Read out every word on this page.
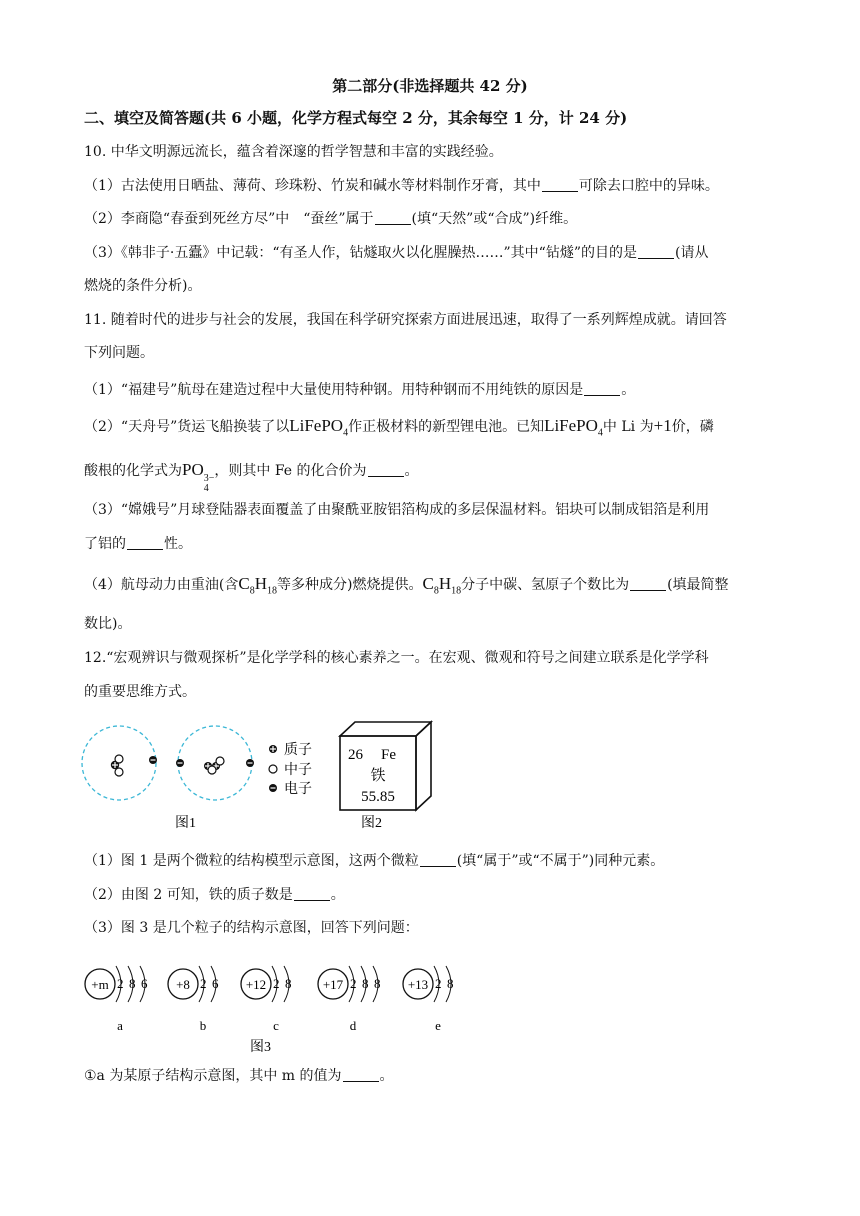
第二部分(非选择题共 42 分)
二、填空及简答题(共 6 小题，化学方程式每空 2 分，其余每空 1 分，计 24 分)
10. 中华文明源远流长，蕴含着深邃的哲学智慧和丰富的实践经验。
（1）古法使用日晒盐、薄荷、珍珠粉、竹炭和碱水等材料制作牙膏，其中	可除去口腔中的异味。
（2）李商隐“春蚕到死丝方尽”中　“蚕丝”属于	(填“天然”或“合成”)纤维。
（3）《韩非子·五蠹》中记载：“有圣人作，钻燧取火以化腥臊热……”其中“钻燧”的目的是	(请从
燃烧的条件分析)。
11. 随着时代的进步与社会的发展，我国在科学研究探索方面进展迅速，取得了一系列辉煌成就。请回答
下列问题。
（1）“福建号”航母在建造过程中大量使用特种钢。用特种钢而不用纯铁的原因是	。
（2）“天舟号”货运飞船换装了以LiFePO$_4$作正极材料的新型锂电池。已知LiFePO$_4$中 Li 为+1价，磷
酸根的化学式为PO 3−
4
，则其中 Fe 的化合价为	。
（3）“嫦娥号”月球登陆器表面覆盖了由聚酰亚胺铝箔构成的多层保温材料。铝块可以制成铝箔是利用
了铝的	性。
（4）航母动力由重油(含$C_8H_{18}$等多种成分)燃烧提供。$C_8H_{18}$分子中碳、氢原子个数比为	(填最简整
数比)。
12.“宏观辨识与微观探析”是化学学科的核心素养之一。在宏观、微观和符号之间建立联系是化学学科
的重要思维方式。
质子
中子
电子
26 Fe
铁
55.85
图1	图2
（1）图 1 是两个微粒的结构模型示意图，这两个微粒	(填“属于”或“不属于”)同种元素。
（2）由图 2 可知，铁的质子数是	。
（3）图 3 是几个粒子的结构示意图，回答下列问题：
图3
+m 2 8 6
a
+8 2 6
b
+12 2 8
c
+17 2 8 8
d
+13 2 8
e
①a 为某原子结构示意图，其中 m 的值为	。
